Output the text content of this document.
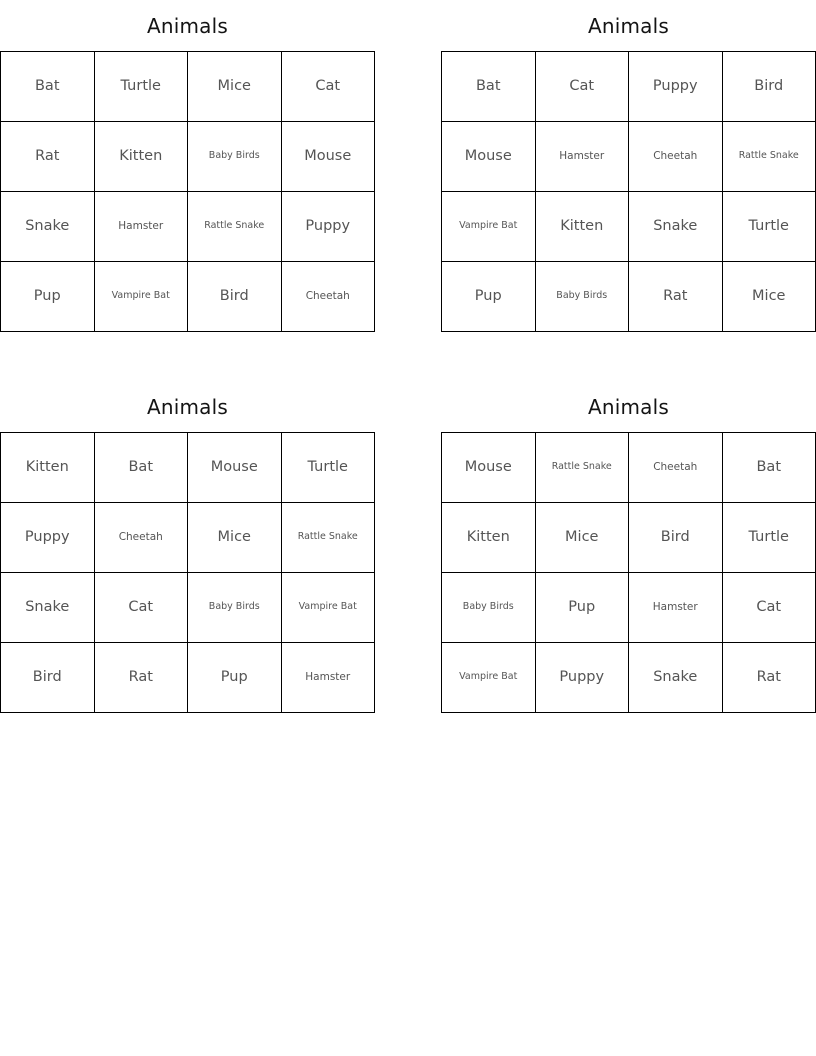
Animals
Bat	Turtle	Mice	Cat
Rat	Kitten	Baby Birds	Mouse
Snake	Hamster	Rattle Snake	Puppy
Pup	Vampire Bat	Bird	Cheetah
Animals
Bat	Cat	Puppy	Bird
Mouse	Hamster	Cheetah	Rattle Snake
Vampire Bat	Kitten	Snake	Turtle
Pup	Baby Birds	Rat	Mice
Animals
Kitten	Bat	Mouse	Turtle
Puppy	Cheetah	Mice	Rattle Snake
Snake	Cat	Baby Birds	Vampire Bat
Bird	Rat	Pup	Hamster
Animals
Mouse	Rattle Snake	Cheetah	Bat
Kitten	Mice	Bird	Turtle
Baby Birds	Pup	Hamster	Cat
Vampire Bat	Puppy	Snake	Rat
